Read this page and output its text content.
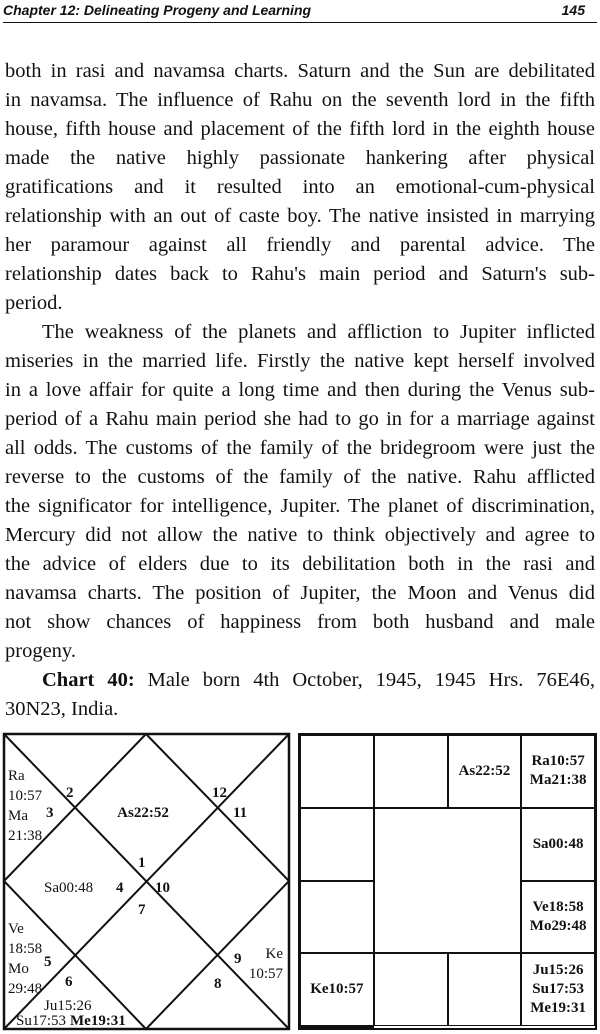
Chapter 12: Delineating Progeny and Learning	145
both in rasi and navamsa charts. Saturn and the Sun are debilitated
in navamsa. The influence of Rahu on the seventh lord in the fifth
house, fifth house and placement of the fifth lord in the eighth house
made the native highly passionate hankering after physical
gratifications and it resulted into an emotional-cum-physical
relationship with an out of caste boy. The native insisted in marrying
her paramour against all friendly and parental advice. The
relationship dates back to Rahu's main period and Saturn's sub-
period.
The weakness of the planets and affliction to Jupiter inflicted
miseries in the married life. Firstly the native kept herself involved
in a love affair for quite a long time and then during the Venus sub-
period of a Rahu main period she had to go in for a marriage against
all odds. The customs of the family of the bridegroom were just the
reverse to the customs of the family of the native. Rahu afflicted
the significator for intelligence, Jupiter. The planet of discrimination,
Mercury did not allow the native to think objectively and agree to
the advice of elders due to its debilitation both in the rasi and
navamsa charts. The position of Jupiter, the Moon and Venus did
not show chances of happiness from both husband and male
progeny.
Chart 40: Male born 4th October, 1945, 1945 Hrs. 76E46,
30N23, India.
Ra
10:57
Ma
21:38
2
3	As22:52
12
11
1
Sa00:48 4 10
7
Ve
18:58
Mo
29:48
5
6
Ju15:26
Su17:53 Me19:31
9
8
Ke
10:57
As22:52
Ra10:57
Ma21:38
Sa00:48
Ve18:58
Mo29:48
Ke10:57
Ju15:26
Su17:53
Me19:31
